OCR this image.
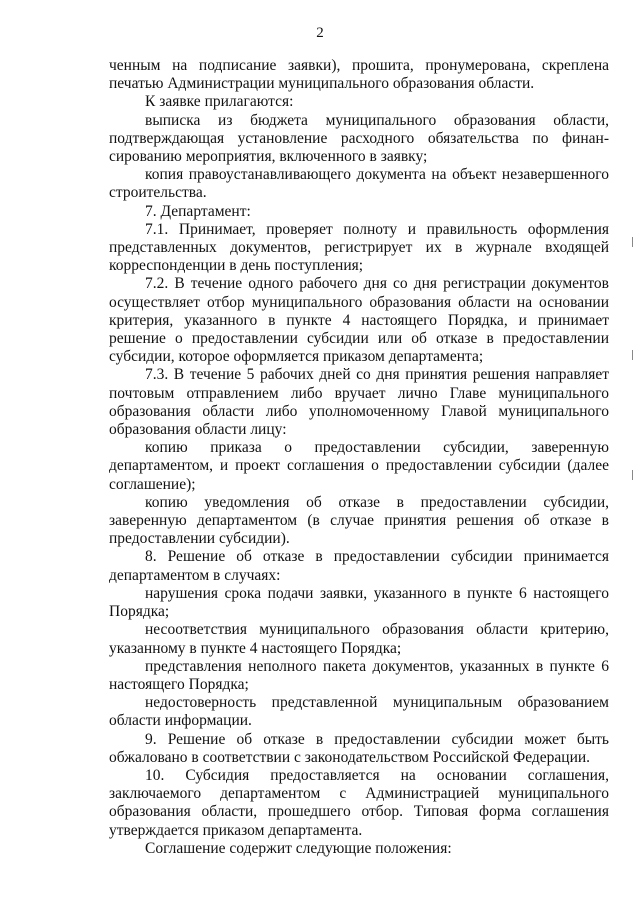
2

ченным на подписание заявки), прошита, пронумерована, скреплена печатью Администрации муниципального образования области.

К заявке прилагаются:

выписка из бюджета муниципального образования области, подтверждающая установление расходного обязательства по финан-сированию мероприятия, включенного в заявку;

копия правоустанавливающего документа на объект незавершенного строительства.

7. Департамент:

7.1. Принимает, проверяет полноту и правильность оформления представленных документов, регистрирует их в журнале входящей корреспонденции в день поступления;

7.2. В течение одного рабочего дня со дня регистрации документов осуществляет отбор муниципального образования области на основании критерия, указанного в пункте 4 настоящего Порядка, и принимает решение о предоставлении субсидии или об отказе в предоставлении субсидии, которое оформляется приказом департамента;

7.3. В течение 5 рабочих дней со дня принятия решения направляет почтовым отправлением либо вручает лично Главе муниципального образования области либо уполномоченному Главой муниципального образования области лицу:

копию приказа о предоставлении субсидии, заверенную департаментом, и проект соглашения о предоставлении субсидии (далее соглашение);

копию уведомления об отказе в предоставлении субсидии, заверенную департаментом (в случае принятия решения об отказе в предоставлении субсидии).

8. Решение об отказе в предоставлении субсидии принимается департаментом в случаях:

нарушения срока подачи заявки, указанного в пункте 6 настоящего Порядка;

несоответствия муниципального образования области критерию, указанному в пункте 4 настоящего Порядка;

представления неполного пакета документов, указанных в пункте 6 настоящего Порядка;

недостоверность представленной муниципальным образованием области информации.

9. Решение об отказе в предоставлении субсидии может быть обжаловано в соответствии с законодательством Российской Федерации.

10. Субсидия предоставляется на основании соглашения, заключаемого департаментом с Администрацией муниципального образования области, прошедшего отбор. Типовая форма соглашения утверждается приказом департамента.

Соглашение содержит следующие положения:
